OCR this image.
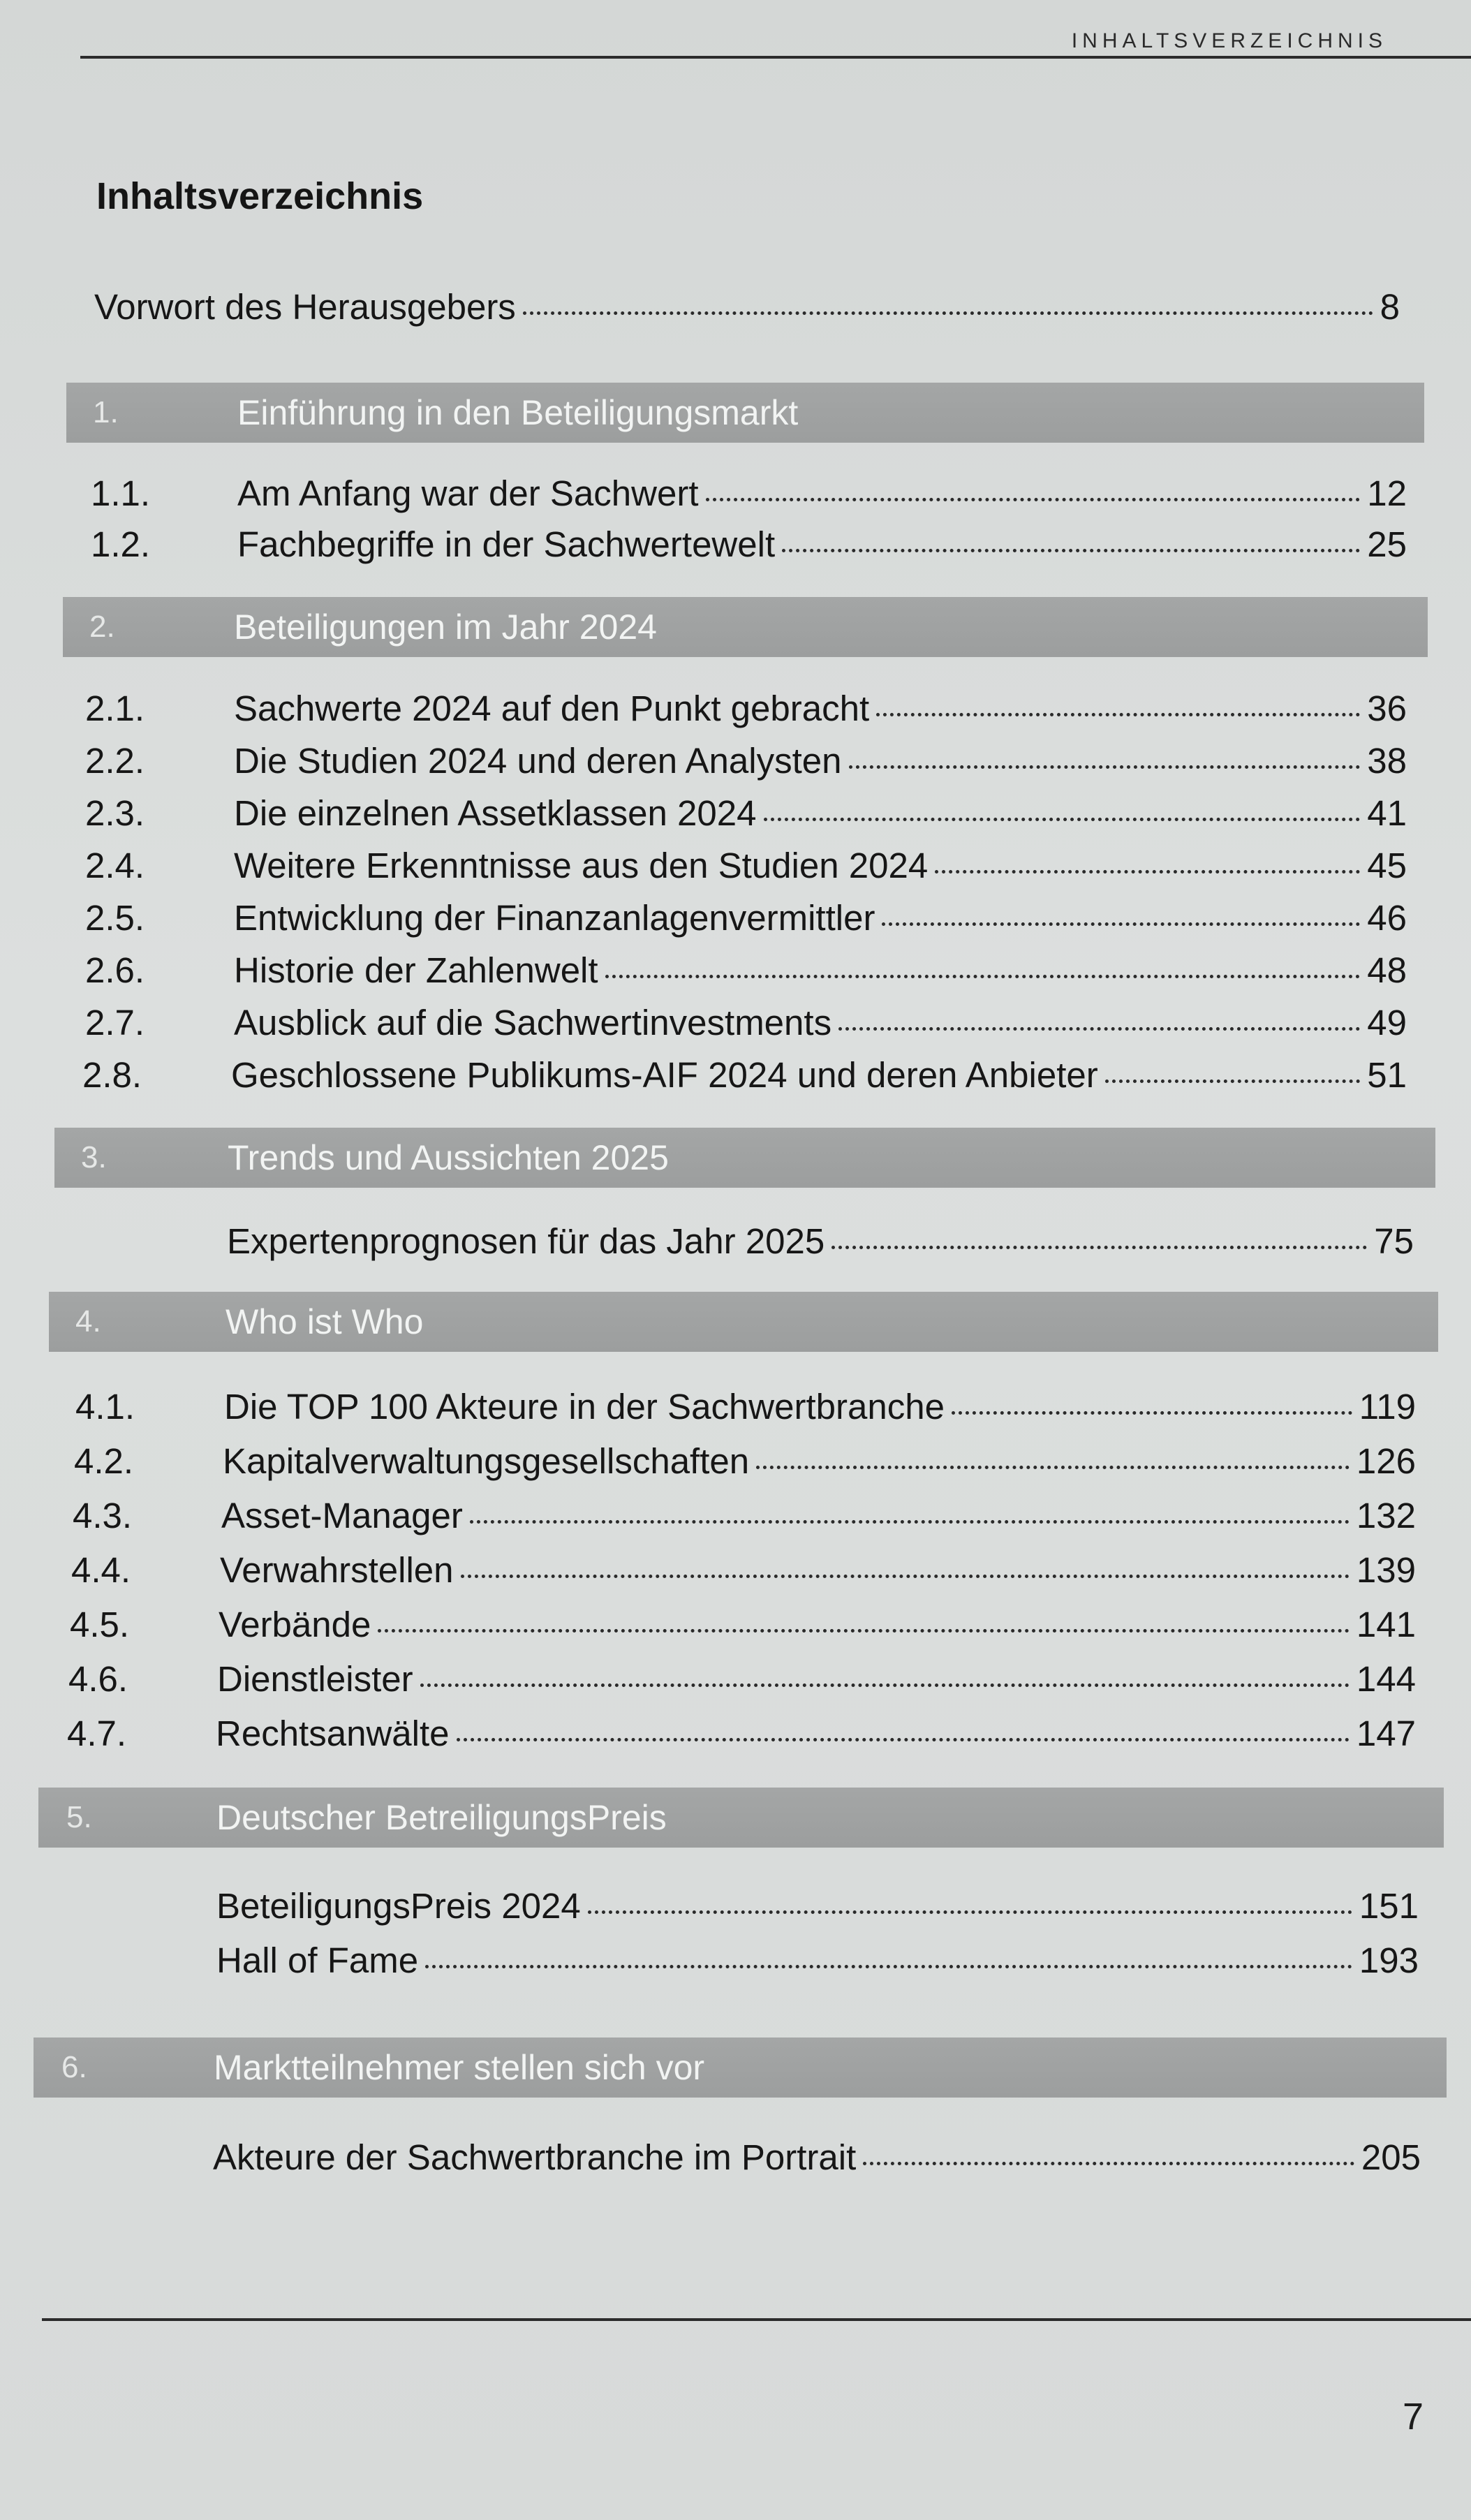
INHALTSVERZEICHNIS
Inhaltsverzeichnis
Vorwort des Herausgebers	8
1.	Einführung in den Beteiligungsmarkt
1.1.	Am Anfang war der Sachwert	12
1.2.	Fachbegriffe in der Sachwertewelt	25
2.	Beteiligungen im Jahr 2024
2.1.	Sachwerte 2024 auf den Punkt gebracht	36
2.2.	Die Studien 2024 und deren Analysten	38
2.3.	Die einzelnen Assetklassen 2024	41
2.4.	Weitere Erkenntnisse aus den Studien 2024	45
2.5.	Entwicklung der Finanzanlagenvermittler	46
2.6.	Historie der Zahlenwelt	48
2.7.	Ausblick auf die Sachwertinvestments	49
2.8.	Geschlossene Publikums-AIF 2024 und deren Anbieter	51
3.	Trends und Aussichten 2025
Expertenprognosen für das Jahr 2025	75
4.	Who ist Who
4.1.	Die TOP 100 Akteure in der Sachwertbranche	119
4.2.	Kapitalverwaltungsgesellschaften	126
4.3.	Asset-Manager	132
4.4.	Verwahrstellen	139
4.5.	Verbände	141
4.6.	Dienstleister	144
4.7.	Rechtsanwälte	147
5.	Deutscher BetreiligungsPreis
BeteiligungsPreis 2024	151
Hall of Fame	193
6.	Marktteilnehmer stellen sich vor
Akteure der Sachwertbranche im Portrait	205
7
